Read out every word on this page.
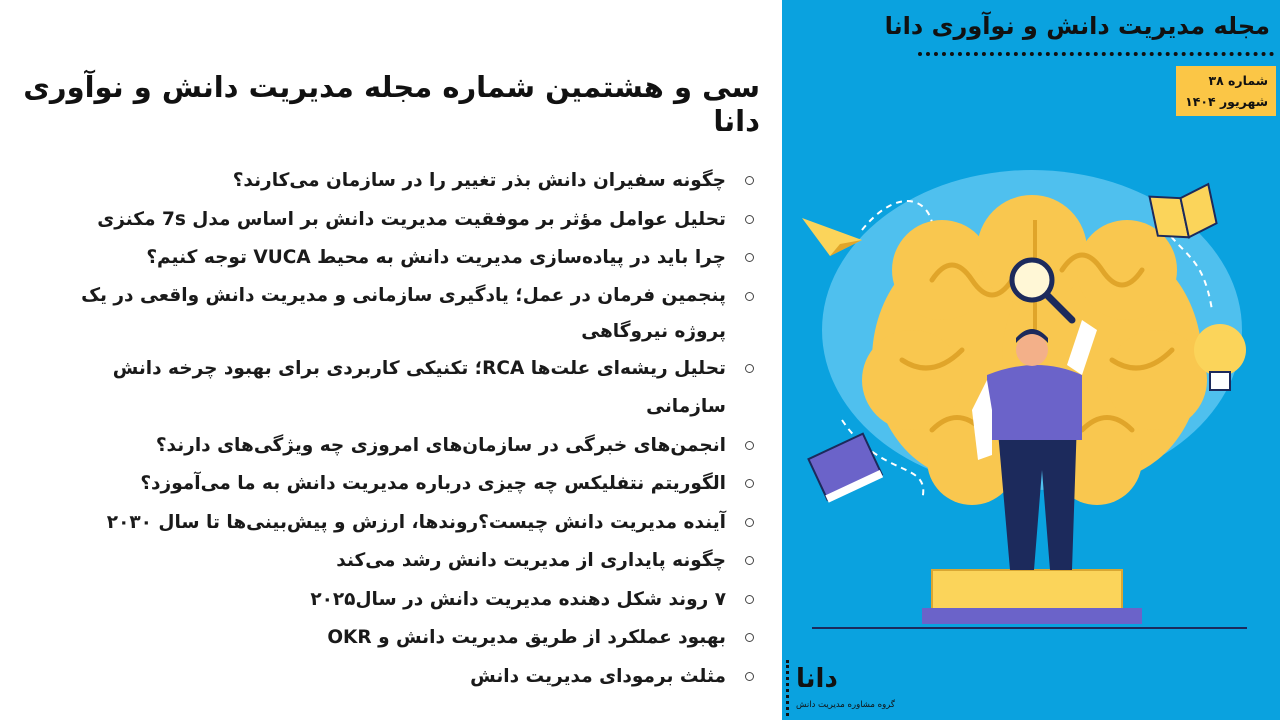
سی و هشتمین شماره مجله مدیریت دانش و نوآوری دانا
چگونه سفیران دانش بذر تغییر را در سازمان می‌کارند؟
تحلیل عوامل مؤثر بر موفقیت مدیریت دانش بر اساس مدل 7s مکنزی
چرا باید در پیاده‌سازی مدیریت دانش به محیط VUCA توجه کنیم؟
پنجمین فرمان در عمل؛ یادگیری سازمانی و مدیریت دانش واقعی در یک پروژه نیروگاهی
تحلیل ریشه‌ای علت‌ها RCA؛ تکنیکی کاربردی برای بهبود چرخه دانش سازمانی
انجمن‌های خبرگی در سازمان‌های امروزی چه ویژگی‌های دارند؟
الگوریتم نتفلیکس چه چیزی درباره مدیریت دانش به ما می‌آموزد؟
آینده مدیریت دانش چیست؟روندها، ارزش و پیش‌بینی‌ها تا سال ۲۰۳۰
چگونه پایداری از مدیریت دانش رشد می‌کند
۷ روند شکل دهنده مدیریت دانش در سال۲۰۲۵
بهبود عملکرد از طریق مدیریت دانش و OKR
مثلث برمودای مدیریت دانش
مجله مدیریت دانش و نوآوری دانا
شماره ۳۸
شهریور ۱۴۰۴
دانا
گروه مشاوره مدیریت دانش
